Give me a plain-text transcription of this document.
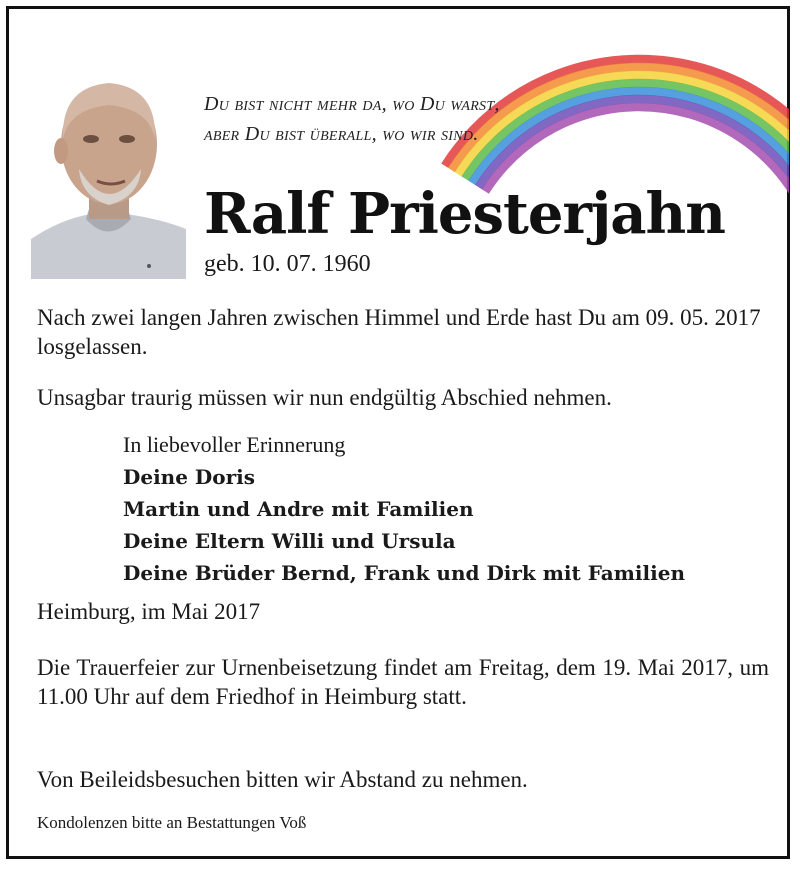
Du bist nicht mehr da, wo Du warst,
aber Du bist überall, wo wir sind.
Ralf Priesterjahn
geb. 10. 07. 1960
Nach zwei langen Jahren zwischen Himmel und Erde hast Du am 09. 05. 2017 losgelassen.
Unsagbar traurig müssen wir nun endgültig Abschied nehmen.
In liebevoller Erinnerung
Deine Doris
Martin und Andre mit Familien
Deine Eltern Willi und Ursula
Deine Brüder Bernd, Frank und Dirk mit Familien
Heimburg, im Mai 2017
Die Trauerfeier zur Urnenbeisetzung findet am Freitag, dem 19. Mai 2017, um 11.00 Uhr auf dem Friedhof in Heimburg statt.
Von Beileidsbesuchen bitten wir Abstand zu nehmen.
Kondolenzen bitte an Bestattungen Voß
